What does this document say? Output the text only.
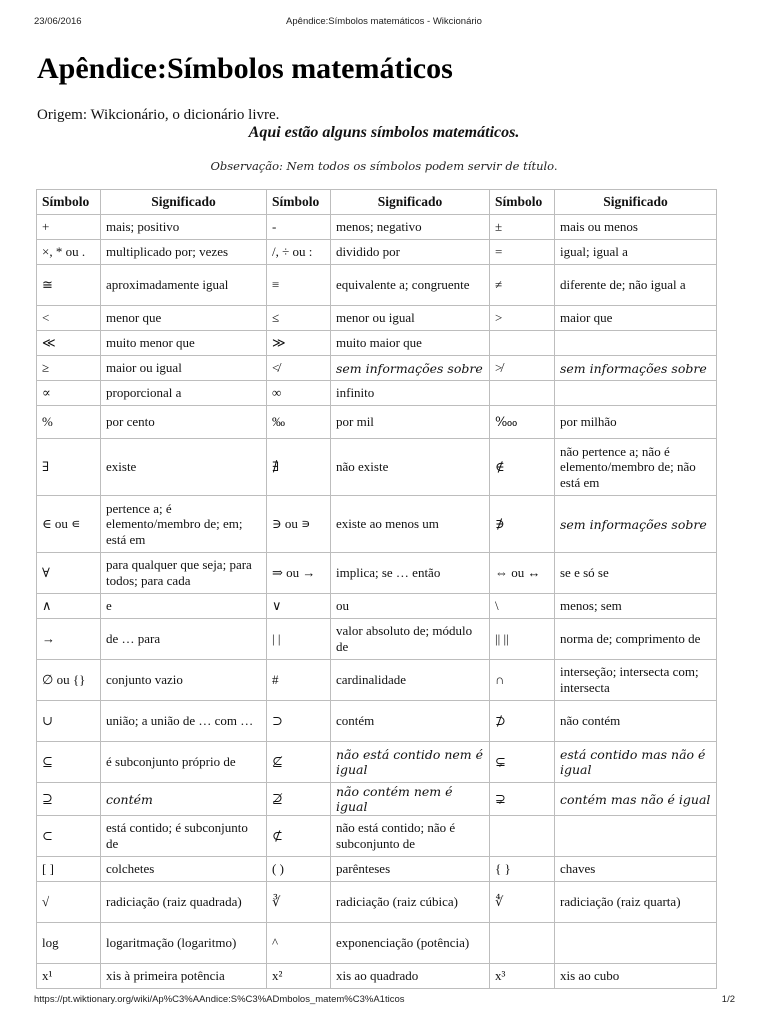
23/06/2016	Apêndice:Símbolos matemáticos - Wikcionário
Apêndice:Símbolos matemáticos
Origem: Wikcionário, o dicionário livre.
Aqui estão alguns símbolos matemáticos.
Observação: Nem todos os símbolos podem servir de título.
Símbolo	Significado	Símbolo	Significado	Símbolo	Significado
+	mais; positivo	-	menos; negativo	±	mais ou menos
×, * ou .	multiplicado por; vezes	/, ÷ ou :	dividido por	=	igual; igual a
≅	aproximadamente igual	≡	equivalente a; congruente	≠	diferente de; não igual a
<	menor que	≤	menor ou igual	>	maior que
≪	muito menor que	≫	muito maior que		
≥	maior ou igual	≮	sem informações sobre	≯	sem informações sobre
∝	proporcional a	∞	infinito		
%	por cento	‰	por mil	‱	por milhão
∃	existe	∄	não existe	∉	não pertence a; não é elemento/membro de; não está em
∈ ou ∊	pertence a; é elemento/membro de; em; está em	∋ ou ∍	existe ao menos um	∌	sem informações sobre
∀	para qualquer que seja; para todos; para cada	⇒ ou →	implica; se … então	⇔ ou ↔	se e só se
∧	e	∨	ou	\	menos; sem
→	de … para	| |	valor absoluto de; módulo de	|| ||	norma de; comprimento de
∅ ou {}	conjunto vazio	#	cardinalidade	∩	interseção; intersecta com; intersecta
∪	união; a união de … com …	⊃	contém	⊅	não contém
⊆	é subconjunto próprio de	⊈	não está contido nem é igual	⊊	está contido mas não é igual
⊇	contém	⊉	não contém nem é igual	⊋	contém mas não é igual
⊂	está contido; é subconjunto de	⊄	não está contido; não é subconjunto de		
[ ]	colchetes	( )	parênteses	{ }	chaves
√	radiciação (raiz quadrada)	∛	radiciação (raiz cúbica)	∜	radiciação (raiz quarta)
log	logaritmação (logaritmo)	^	exponenciação (potência)		
x¹	xis à primeira potência	x²	xis ao quadrado	x³	xis ao cubo
https://pt.wiktionary.org/wiki/Ap%C3%AAndice:S%C3%ADmbolos_matem%C3%A1ticos	1/2
